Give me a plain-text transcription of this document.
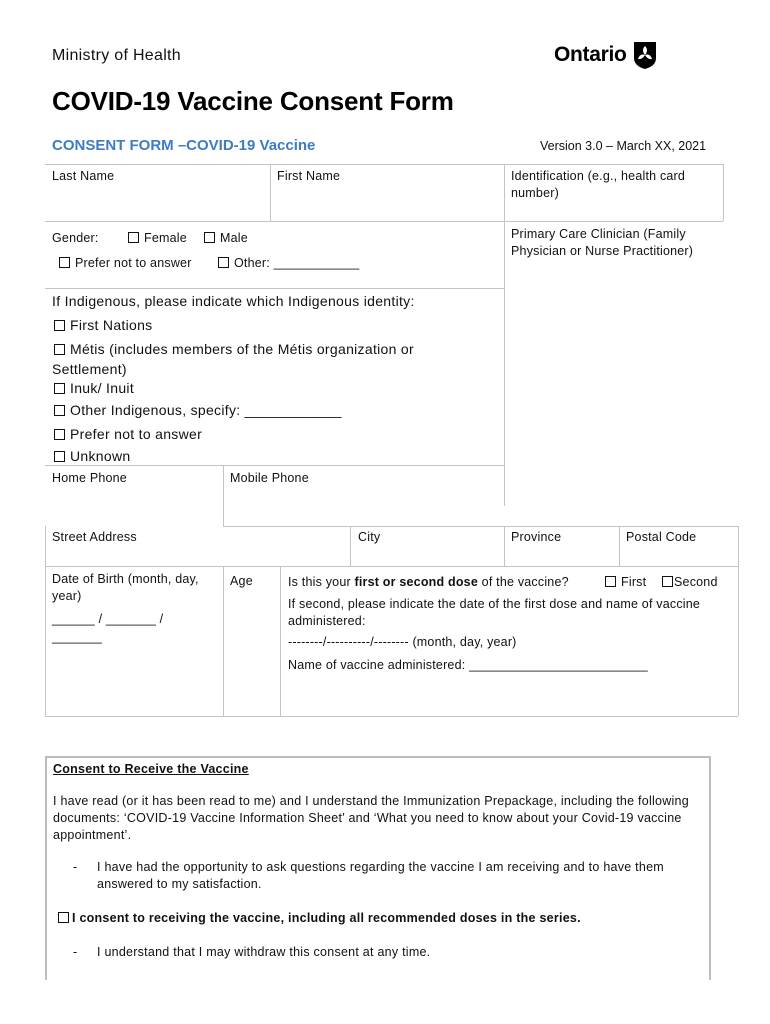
Ministry of Health	Ontario
COVID-19 Vaccine Consent Form
CONSENT FORM –COVID-19 Vaccine	Version 3.0 – March XX, 2021
Last Name	First Name	Identification (e.g., health card number)
Gender:	Female	Male
Prefer not to answer	Other: ____________
Primary Care Clinician (Family Physician or Nurse Practitioner)
If Indigenous, please indicate which Indigenous identity:
First Nations
Métis (includes members of the Métis organization or Settlement)
Inuk/ Inuit
Other Indigenous, specify: ____________
Prefer not to answer
Unknown
Home Phone	Mobile Phone
Street Address	City	Province	Postal Code
Date of Birth (month, day, year)
______ / _______ / _______
Age	Is this your first or second dose of the vaccine?	First	Second
If second, please indicate the date of the first dose and name of vaccine administered:
--------/----------/-------- (month, day, year)
Name of vaccine administered: _________________________
Consent to Receive the Vaccine
I have read (or it has been read to me) and I understand the Immunization Prepackage, including the following documents: ‘COVID-19 Vaccine Information Sheet’ and ‘What you need to know about your Covid-19 vaccine appointment’.
- I have had the opportunity to ask questions regarding the vaccine I am receiving and to have them answered to my satisfaction.
I consent to receiving the vaccine, including all recommended doses in the series.
- I understand that I may withdraw this consent at any time.
